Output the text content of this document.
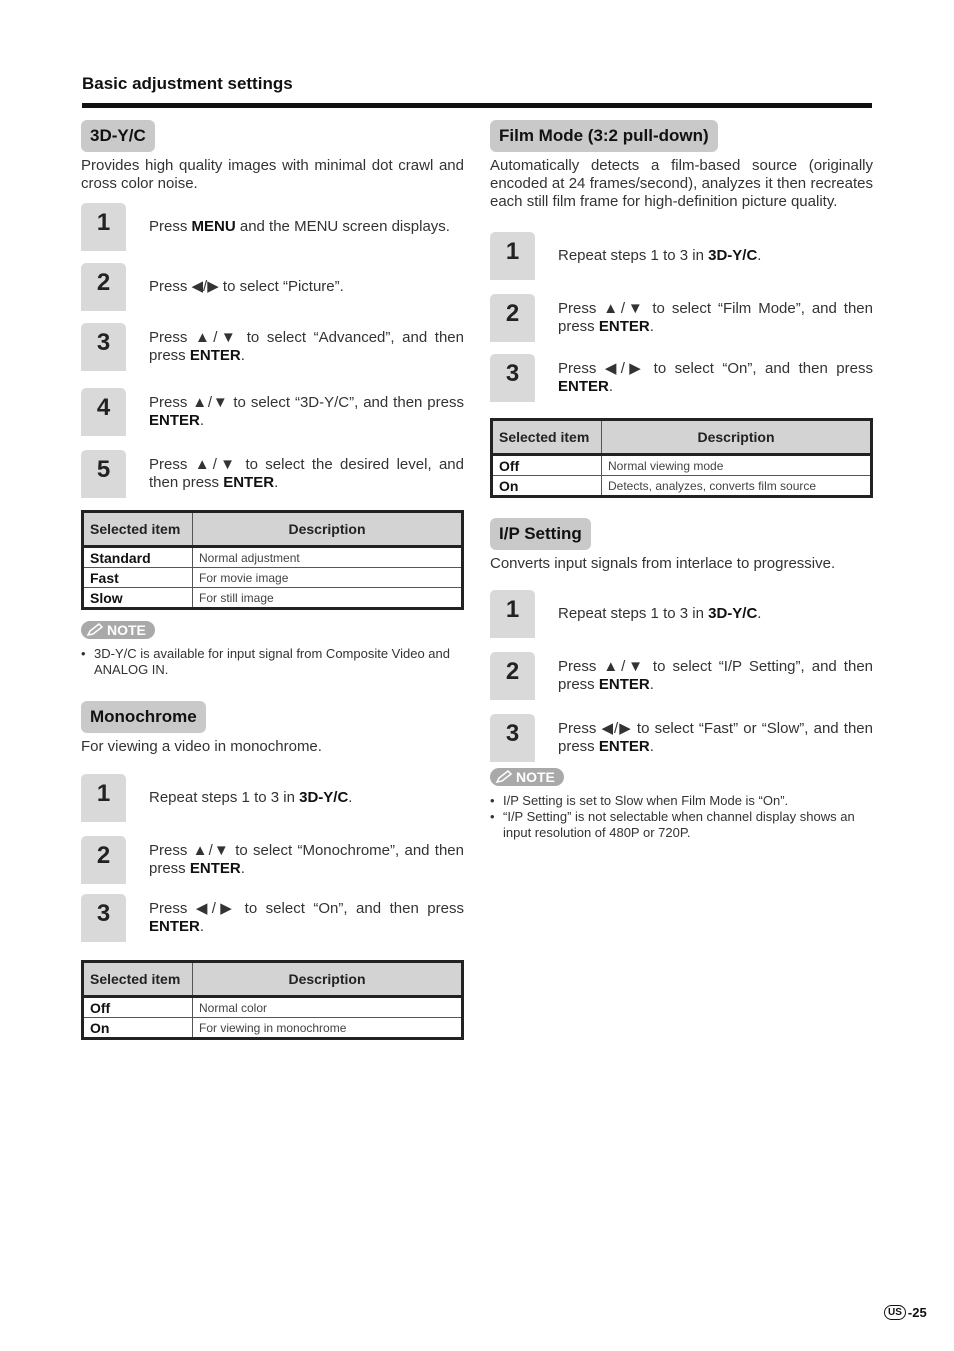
Basic adjustment settings
3D-Y/C

Provides high quality images with minimal dot crawl and cross color noise.

1	Press MENU and the MENU screen displays.
2	Press ◀/▶ to select “Picture”.
3	Press ▲/▼ to select “Advanced”, and then press ENTER.
4	Press ▲/▼ to select “3D-Y/C”, and then press ENTER.
5	Press ▲/▼ to select the desired level, and then press ENTER.
Selected item	Description
Standard	Normal adjustment
Fast	For movie image
Slow	For still image
NOTE
• 3D-Y/C is available for input signal from Composite Video and ANALOG IN.
Monochrome

For viewing a video in monochrome.

1	Repeat steps 1 to 3 in 3D-Y/C.
2	Press ▲/▼ to select “Monochrome”, and then press ENTER.
3	Press ◀/▶ to select “On”, and then press ENTER.
Selected item	Description
Off	Normal color
On	For viewing in monochrome
Film Mode (3:2 pull-down)

Automatically detects a film-based source (originally encoded at 24 frames/second), analyzes it then recreates each still film frame for high-definition picture quality.

1	Repeat steps 1 to 3 in 3D-Y/C.
2	Press ▲/▼ to select “Film Mode”, and then press ENTER.
3	Press ◀/▶ to select “On”, and then press ENTER.
Selected item	Description
Off	Normal viewing mode
On	Detects, analyzes, converts film source
I/P Setting

Converts input signals from interlace to progressive.

1	Repeat steps 1 to 3 in 3D-Y/C.
2	Press ▲/▼ to select “I/P Setting”, and then press ENTER.
3	Press ◀/▶ to select “Fast” or “Slow”, and then press ENTER.
NOTE
• I/P Setting is set to Slow when Film Mode is “On”.
• “I/P Setting” is not selectable when channel display shows an input resolution of 480P or 720P.
US -25
